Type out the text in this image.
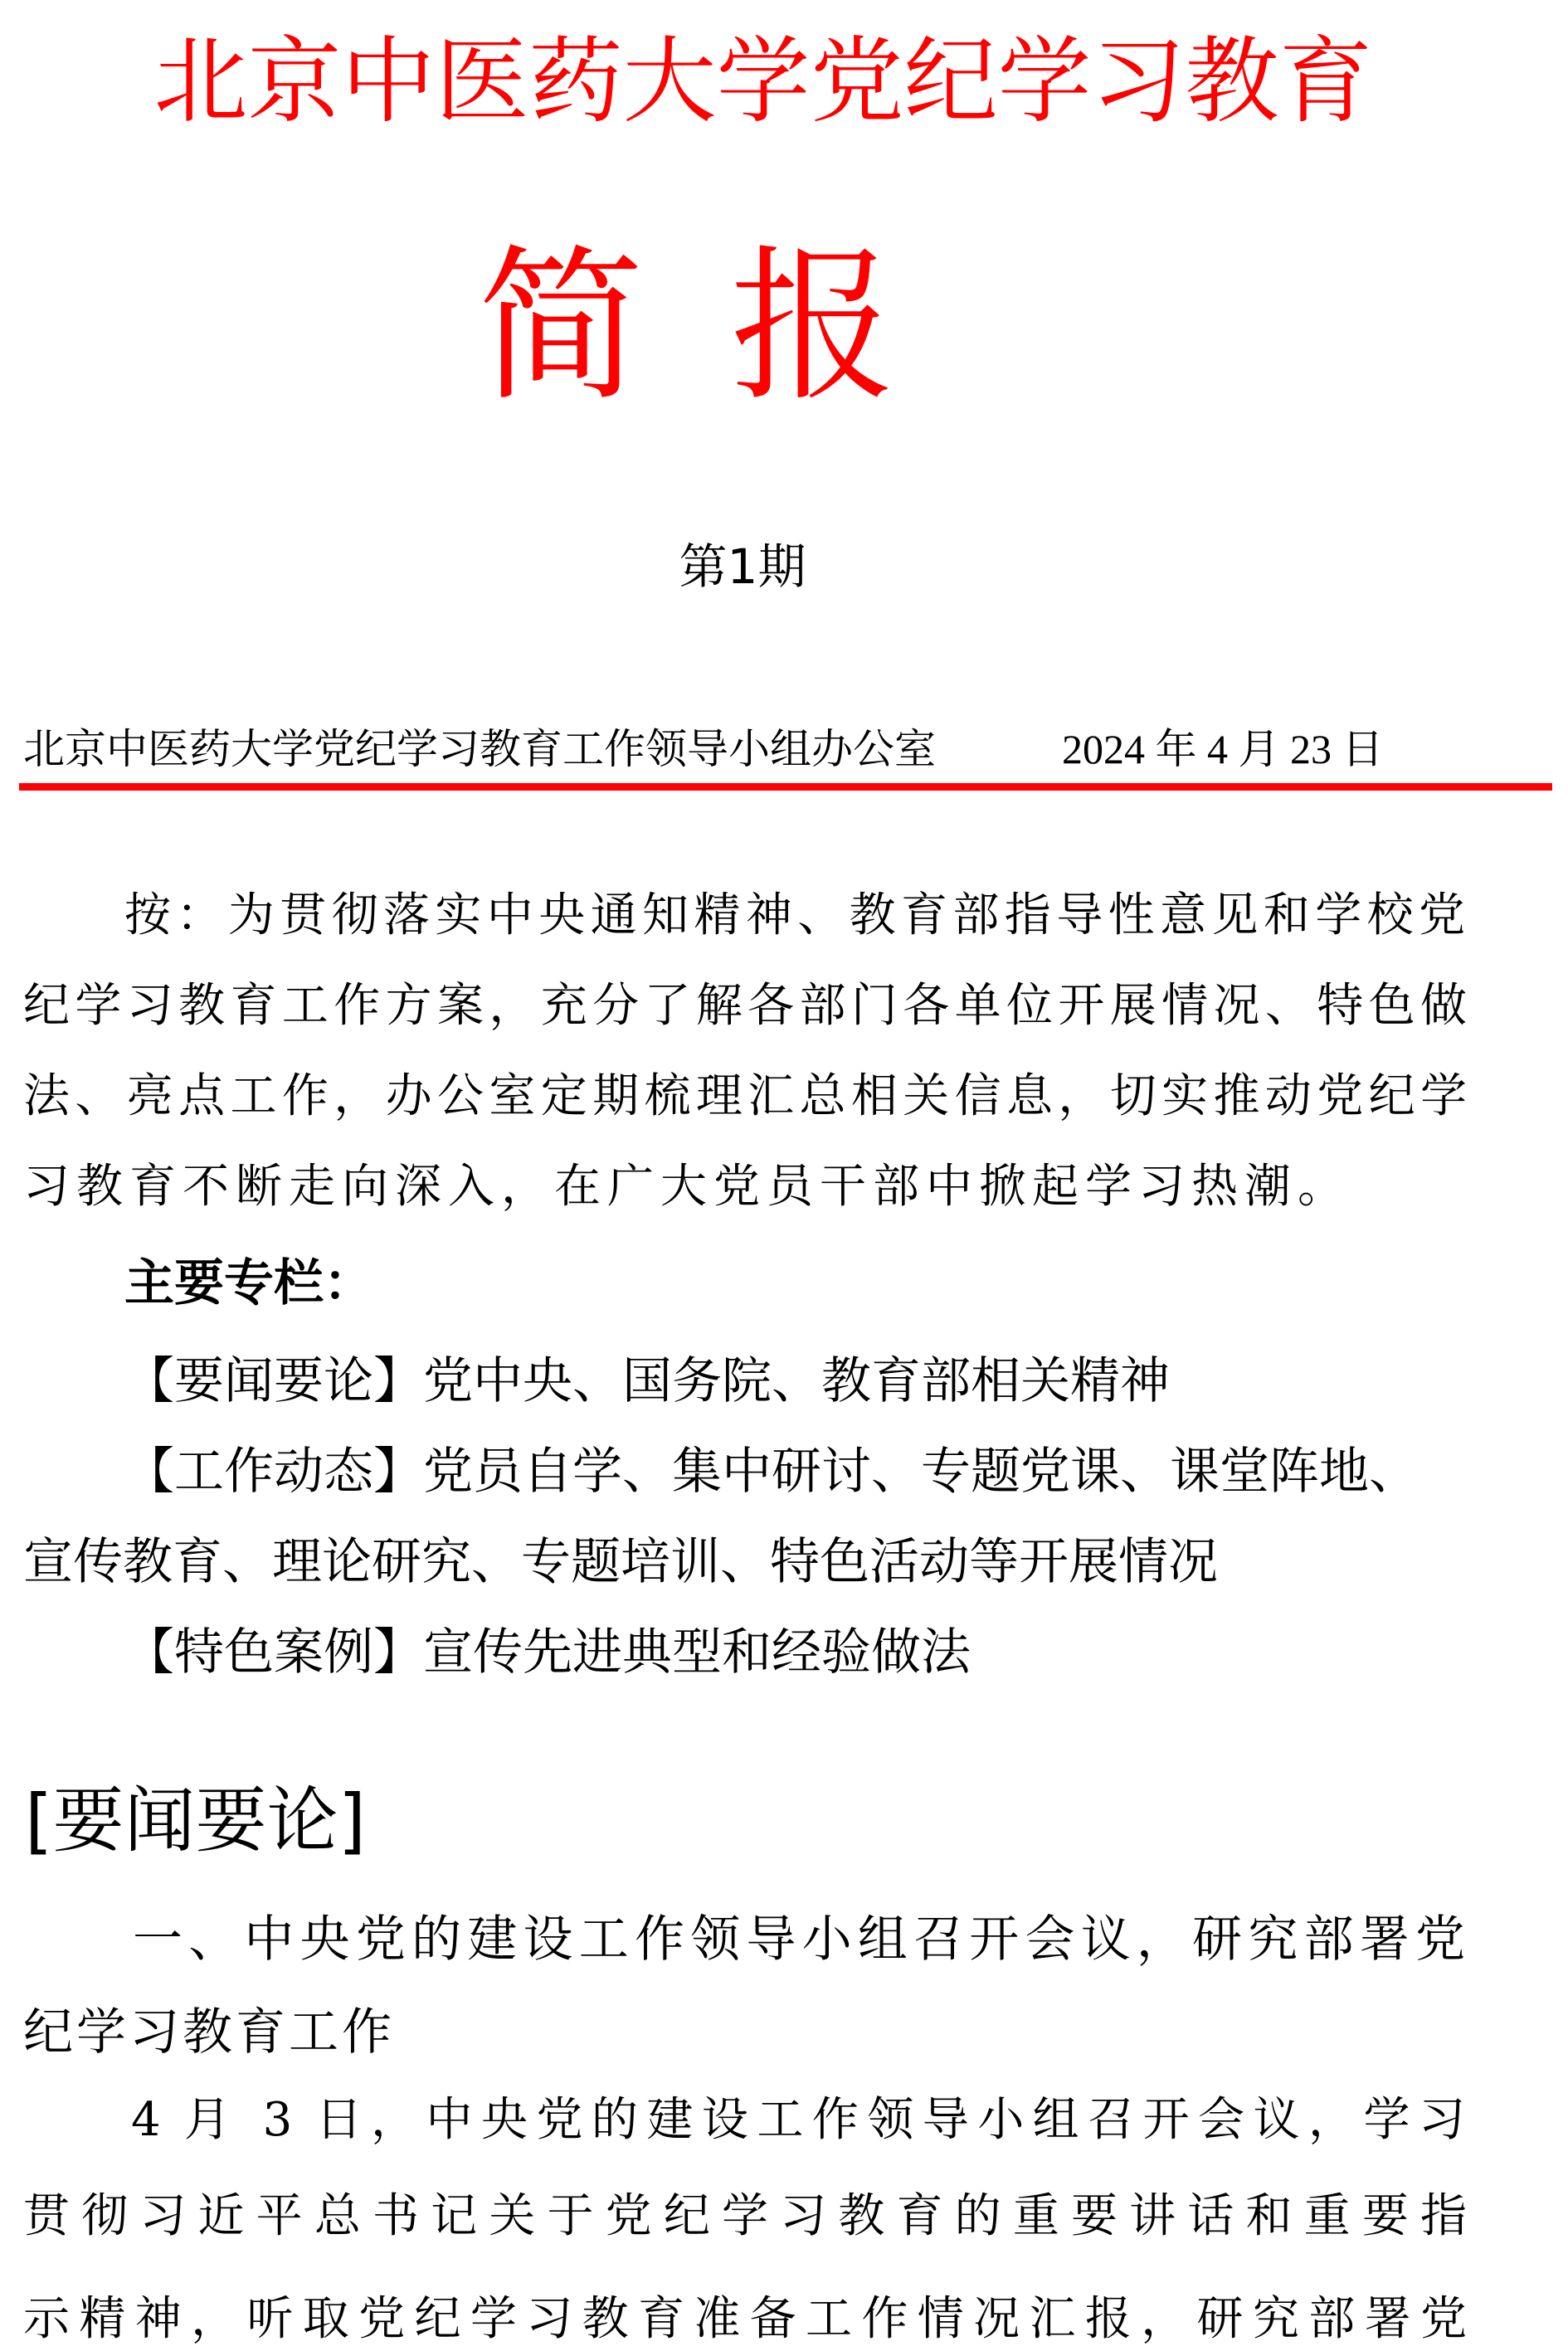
北京中医药大学党纪学习教育
简 报
第1期
北京中医药大学党纪学习教育工作领导小组办公室	2024 年 4 月 23 日
按：为贯彻落实中央通知精神、教育部指导性意见和学校党
纪学习教育工作方案，充分了解各部门各单位开展情况、特色做
法、亮点工作，办公室定期梳理汇总相关信息，切实推动党纪学
习教育不断走向深入，在广大党员干部中掀起学习热潮。
主要专栏：
【要闻要论】党中央、国务院、教育部相关精神
【工作动态】党员自学、集中研讨、专题党课、课堂阵地、
宣传教育、理论研究、专题培训、特色活动等开展情况
【特色案例】宣传先进典型和经验做法
[要闻要论]
一、中央党的建设工作领导小组召开会议，研究部署党
纪学习教育工作
4 月 3 日，中央党的建设工作领导小组召开会议，学习
贯彻习近平总书记关于党纪学习教育的重要讲话和重要指
示精神，听取党纪学习教育准备工作情况汇报，研究部署党
